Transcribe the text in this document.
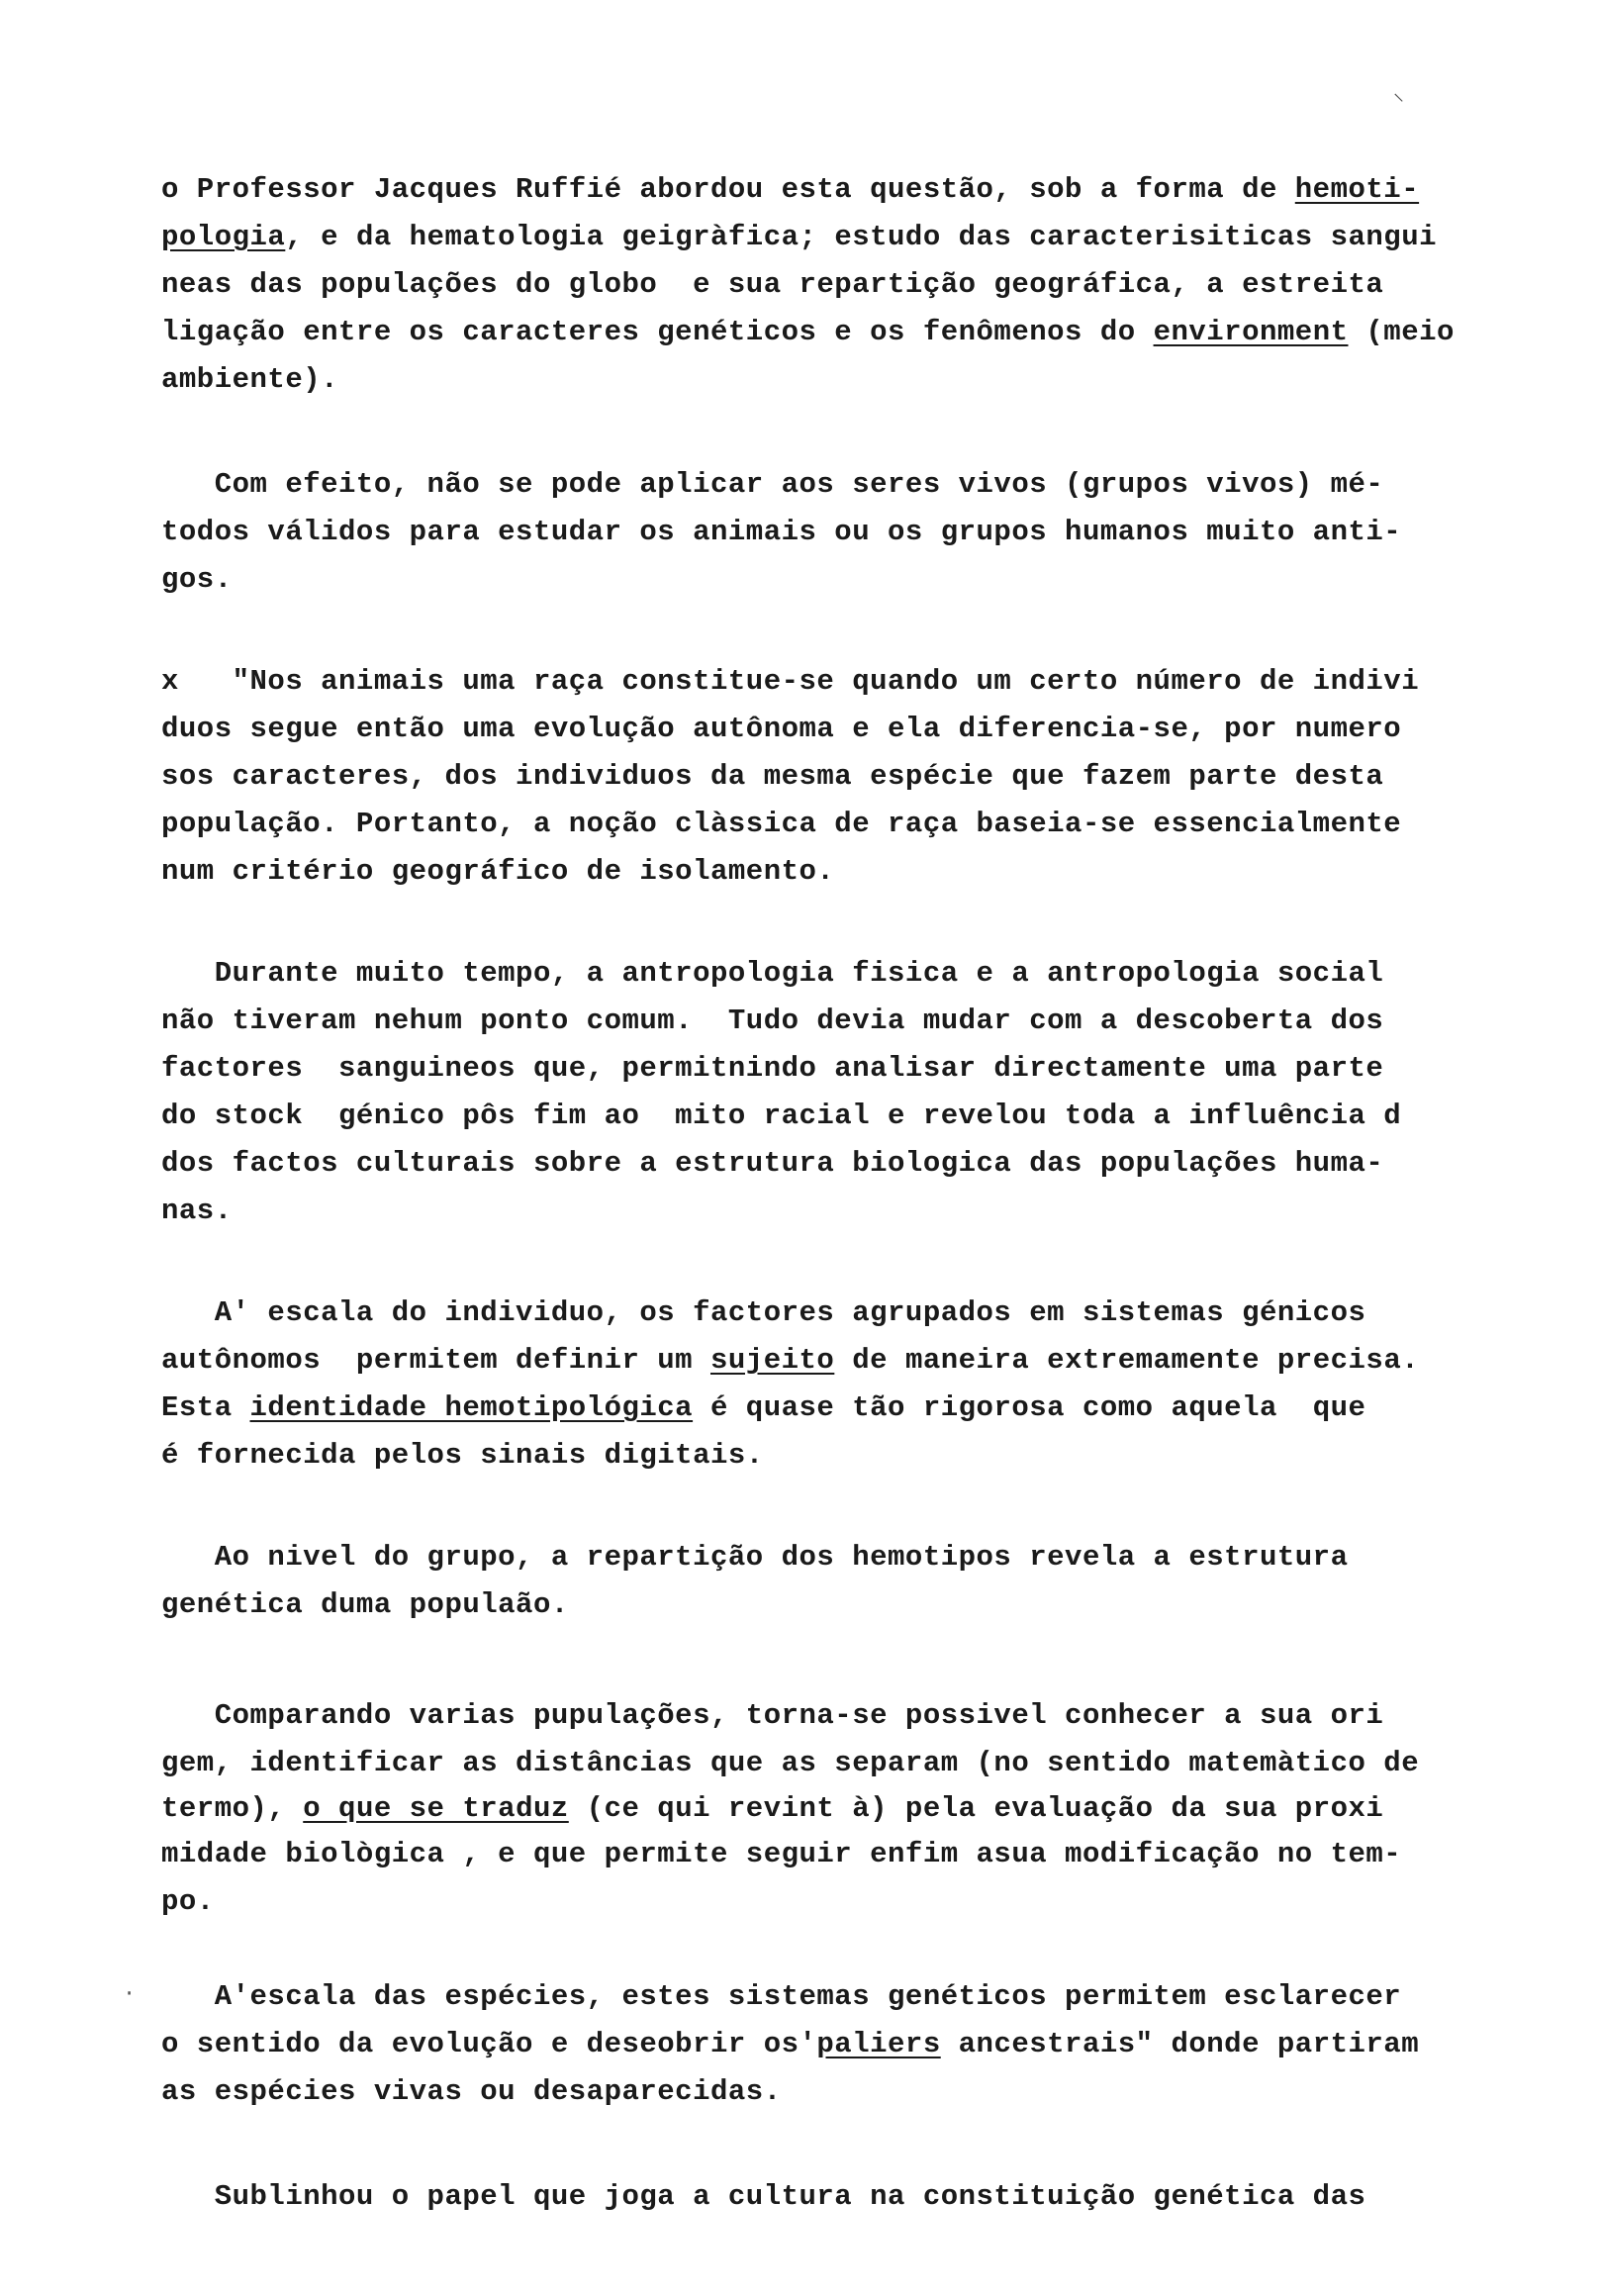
⸜
·
o Professor Jacques Ruffié abordou esta questão, sob a forma de hemoti-
pologia, e da hematologia geigràfica; estudo das caracterisiticas sangui
neas das populações do globo  e sua repartição geográfica, a estreita
ligação entre os caracteres genéticos e os fenômenos do environment (meio
ambiente).
Com efeito, não se pode aplicar aos seres vivos (grupos vivos) mé-
todos válidos para estudar os animais ou os grupos humanos muito anti-
gos.
x   "Nos animais uma raça constitue-se quando um certo número de indivi
duos segue então uma evolução autônoma e ela diferencia-se, por numero
sos caracteres, dos individuos da mesma espécie que fazem parte desta
população. Portanto, a noção clàssica de raça baseia-se essencialmente
num critério geográfico de isolamento.
Durante muito tempo, a antropologia fisica e a antropologia social
não tiveram nehum ponto comum.  Tudo devia mudar com a descoberta dos
factores  sanguineos que, permitnindo analisar directamente uma parte
do stock  génico pôs fim ao  mito racial e revelou toda a influência d
dos factos culturais sobre a estrutura biologica das populações huma-
nas.
A' escala do individuo, os factores agrupados em sistemas génicos
autônomos  permitem definir um sujeito de maneira extremamente precisa.
Esta identidade hemotipológica é quase tão rigorosa como aquela  que
é fornecida pelos sinais digitais.
Ao nivel do grupo, a repartição dos hemotipos revela a estrutura
genética duma populaão.
Comparando varias pupulações, torna-se possivel conhecer a sua ori
gem, identificar as distâncias que as separam (no sentido matemàtico de
termo), o que se traduz (ce qui revint à) pela evaluação da sua proxi
midade biològica , e que permite seguir enfim asua modificação no tem-
po.
A'escala das espécies, estes sistemas genéticos permitem esclarecer
o sentido da evolução e deseobrir os'paliers ancestrais" donde partiram
as espécies vivas ou desaparecidas.
Sublinhou o papel que joga a cultura na constituição genética das
